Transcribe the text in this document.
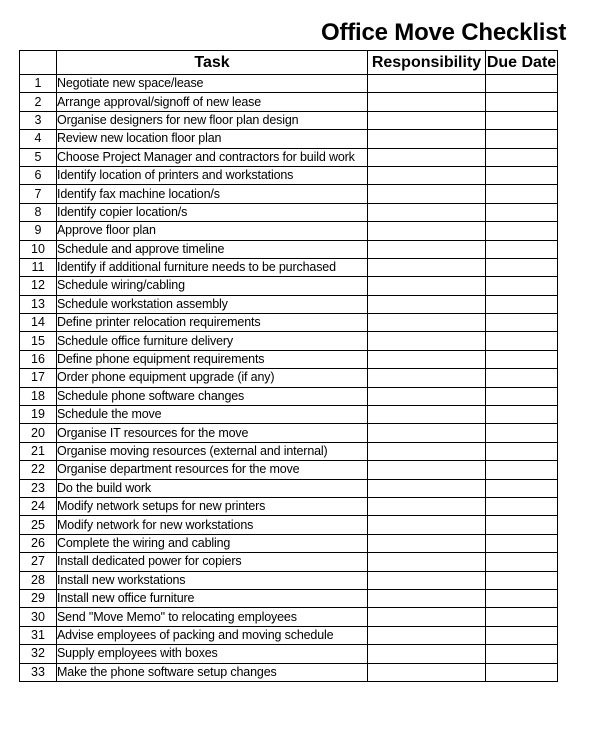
Office Move Checklist
	Task	Responsibility	Due Date
1	Negotiate new space/lease		
2	Arrange approval/signoff of new lease		
3	Organise designers for new floor plan design		
4	Review new location floor plan		
5	Choose Project Manager and contractors for build work		
6	Identify location of printers and workstations		
7	Identify fax machine location/s		
8	Identify copier location/s		
9	Approve floor plan		
10	Schedule and approve timeline		
11	Identify if additional furniture needs to be purchased		
12	Schedule wiring/cabling		
13	Schedule workstation assembly		
14	Define printer relocation requirements		
15	Schedule office furniture delivery		
16	Define phone equipment requirements		
17	Order phone equipment upgrade (if any)		
18	Schedule phone software changes		
19	Schedule the move		
20	Organise IT resources for the move		
21	Organise moving resources (external and internal)		
22	Organise department resources for the move		
23	Do the build work		
24	Modify network setups for new printers		
25	Modify network for new workstations		
26	Complete the wiring and cabling		
27	Install dedicated power for copiers		
28	Install new workstations		
29	Install new office furniture		
30	Send "Move Memo" to relocating employees		
31	Advise employees of packing and moving schedule		
32	Supply employees with boxes		
33	Make the phone software setup changes		
